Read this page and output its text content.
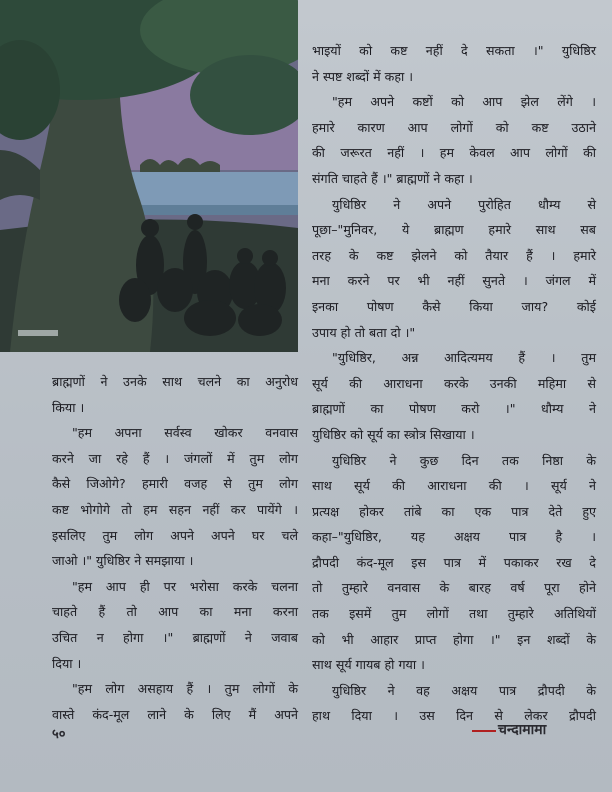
भाइयों को कष्ट नहीं दे सकता ।" युधिष्ठिर
ने स्पष्ट शब्दों में कहा ।
"हम अपने कष्टों को आप झेल लेंगे ।
हमारे कारण आप लोगों को कष्ट उठाने
की जरूरत नहीं । हम केवल आप लोगों की
संगति चाहते हैं ।" ब्राह्मणों ने कहा ।
युधिष्ठिर ने अपने पुरोहित धौम्य से
पूछा–"मुनिवर, ये ब्राह्मण हमारे साथ सब
तरह के कष्ट झेलने को तैयार हैं । हमारे
मना करने पर भी नहीं सुनते । जंगल में
इनका पोषण कैसे किया जाय? कोई
उपाय हो तो बता दो ।"
"युधिष्ठिर, अन्न आदित्यमय हैं । तुम
सूर्य की आराधना करके उनकी महिमा से
ब्राह्मणों का पोषण करो ।" धौम्य ने
युधिष्ठिर को सूर्य का स्त्रोत्र सिखाया ।
युधिष्ठिर ने कुछ दिन तक निष्ठा के
साथ सूर्य की आराधना की । सूर्य ने
प्रत्यक्ष होकर तांबे का एक पात्र देते हुए
कहा–"युधिष्ठिर, यह अक्षय पात्र है ।
द्रौपदी कंद-मूल इस पात्र में पकाकर रख दे
तो तुम्हारे वनवास के बारह वर्ष पूरा होने
तक इसमें तुम लोगों तथा तुम्हारे अतिथियों
को भी आहार प्राप्त होगा ।" इन शब्दों के
साथ सूर्य गायब हो गया ।
युधिष्ठिर ने वह अक्षय पात्र द्रौपदी के
हाथ दिया । उस दिन से लेकर द्रौपदी
ब्राह्मणों ने उनके साथ चलने का अनुरोध
किया ।
"हम अपना सर्वस्व खोकर वनवास
करने जा रहे हैं । जंगलों में तुम लोग
कैसे जिओगे? हमारी वजह से तुम लोग
कष्ट भोगोगे तो हम सहन नहीं कर पायेंगे ।
इसलिए तुम लोग अपने अपने घर चले
जाओ ।" युधिष्ठिर ने समझाया ।
"हम आप ही पर भरोसा करके चलना
चाहते हैं तो आप का मना करना
उचित न होगा ।" ब्राह्मणों ने जवाब
दिया ।
"हम लोग असहाय हैं । तुम लोगों के
वास्ते कंद-मूल लाने के लिए मैं अपने
५०	चन्दामामा
